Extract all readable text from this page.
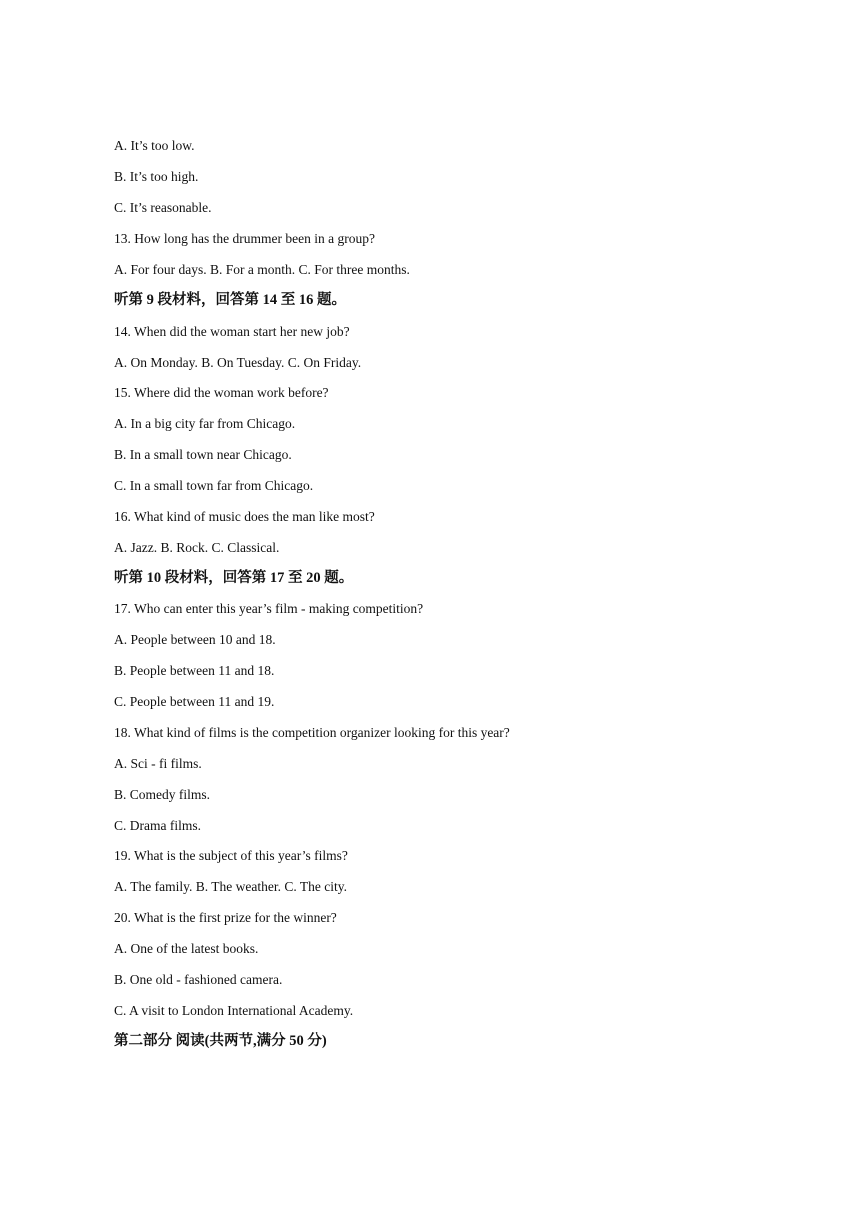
A. It’s too low.
B. It’s too high.
C. It’s reasonable.
13. How long has the drummer been in a group?
A. For four days. B. For a month. C. For three months.
听第 9 段材料，回答第 14 至 16 题。
14. When did the woman start her new job?
A. On Monday. B. On Tuesday. C. On Friday.
15. Where did the woman work before?
A. In a big city far from Chicago.
B. In a small town near Chicago.
C. In a small town far from Chicago.
16. What kind of music does the man like most?
A. Jazz. B. Rock. C. Classical.
听第 10 段材料，回答第 17 至 20 题。
17. Who can enter this year’s film - making competition?
A. People between 10 and 18.
B. People between 11 and 18.
C. People between 11 and 19.
18. What kind of films is the competition organizer looking for this year?
A. Sci - fi films.
B. Comedy films.
C. Drama films.
19. What is the subject of this year’s films?
A. The family. B. The weather. C. The city.
20. What is the first prize for the winner?
A. One of the latest books.
B. One old - fashioned camera.
C. A visit to London International Academy.
第二部分 阅读(共两节,满分 50 分)
